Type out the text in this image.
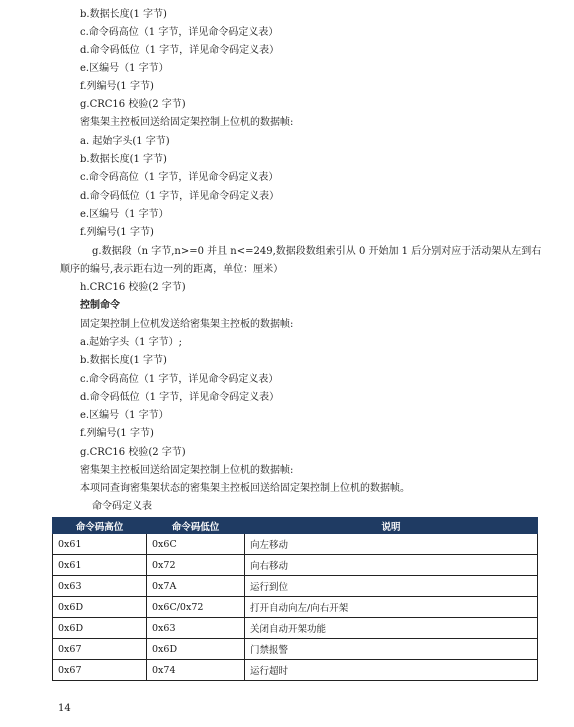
b.数据长度(1 字节)
c.命令码高位（1 字节，详见命令码定义表）
d.命令码低位（1 字节，详见命令码定义表）
e.区编号（1 字节）
f.列编号(1 字节)
g.CRC16 校验(2 字节)
密集架主控板回送给固定架控制上位机的数据帧:
a. 起始字头(1 字节)
b.数据长度(1 字节)
c.命令码高位（1 字节，详见命令码定义表）
d.命令码低位（1 字节，详见命令码定义表）
e.区编号（1 字节）
f.列编号(1 字节)
g.数据段（n 字节,n>=0 并且 n<=249,数据段数组索引从 0 开始加 1 后分别对应于活动架从左到右
顺序的编号,表示距右边一列的距离，单位：厘米）
h.CRC16 校验(2 字节)
控制命令
固定架控制上位机发送给密集架主控板的数据帧:
a.起始字头（1 字节）;
b.数据长度(1 字节)
c.命令码高位（1 字节，详见命令码定义表）
d.命令码低位（1 字节，详见命令码定义表）
e.区编号（1 字节）
f.列编号(1 字节)
g.CRC16 校验(2 字节)
密集架主控板回送给固定架控制上位机的数据帧:
本项同查询密集架状态的密集架主控板回送给固定架控制上位机的数据帧。
命令码定义表
命令码高位	命令码低位	说明
0x61	0x6C	向左移动
0x61	0x72	向右移动
0x63	0x7A	运行到位
0x6D	0x6C/0x72	打开自动向左/向右开架
0x6D	0x63	关闭自动开架功能
0x67	0x6D	门禁报警
0x67	0x74	运行超时
14
